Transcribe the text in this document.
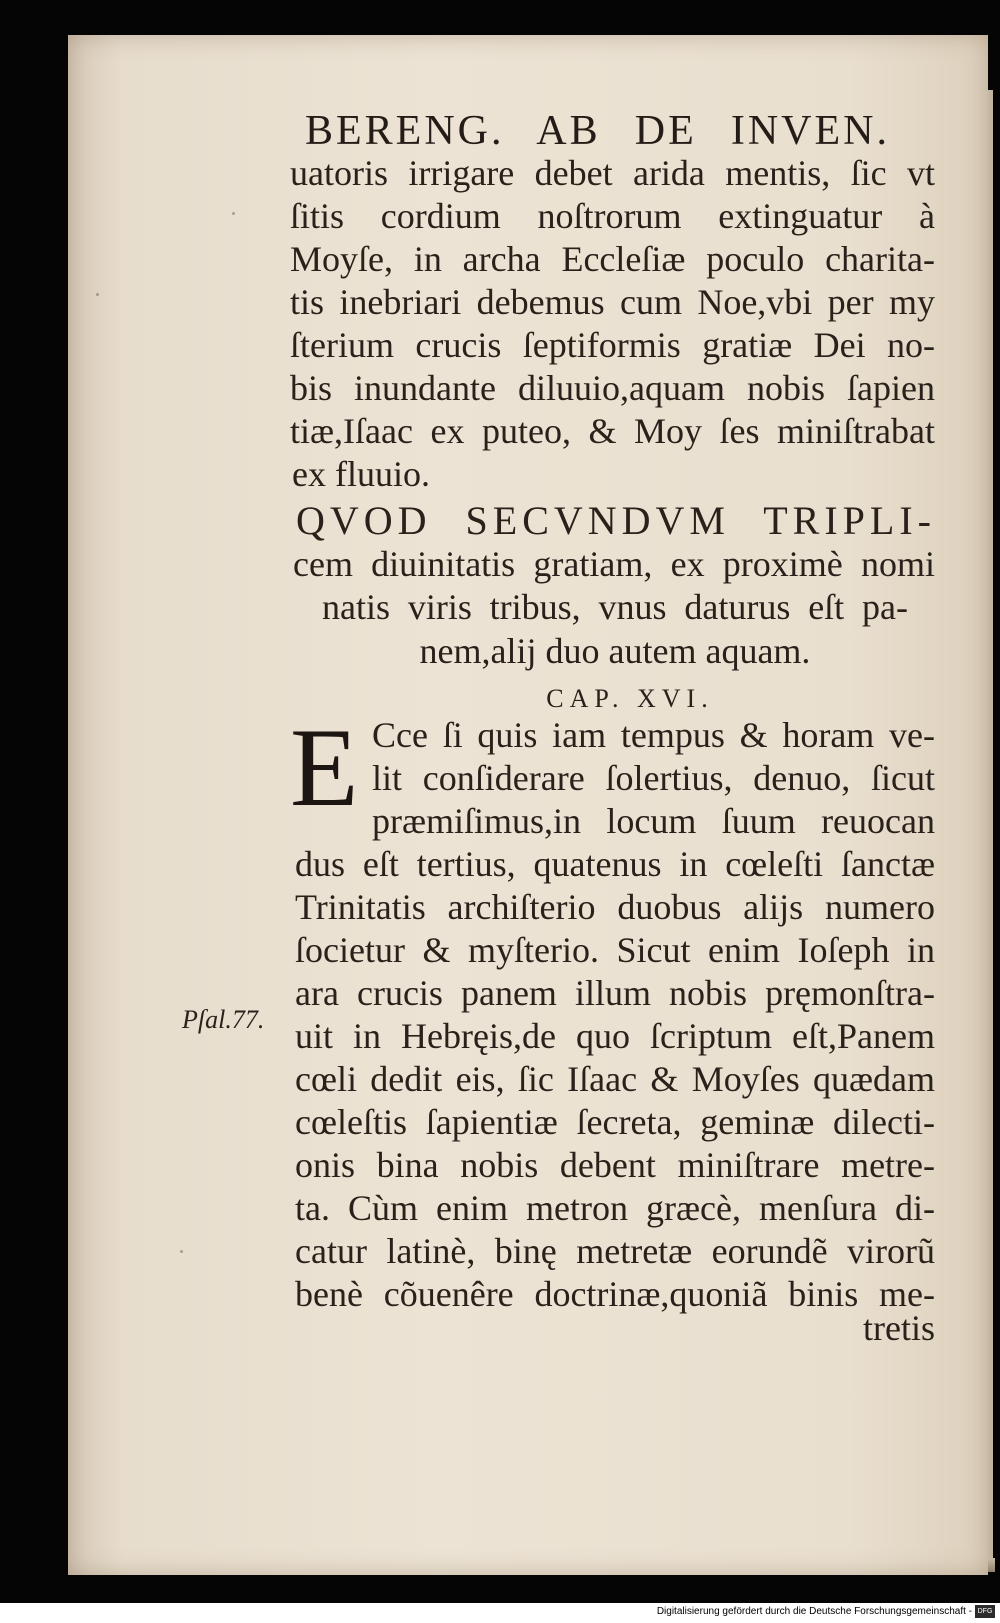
BERENG. AB DE INVEN.
uatoris irrigare debet arida mentis, ſic vt
ſitis cordium noſtrorum extinguatur à
Moyſe, in archa Eccleſiæ poculo charita-
tis inebriari debemus cum Noe,vbi per my
ſterium crucis ſeptiformis gratiæ Dei no-
bis inundante diluuio,aquam nobis ſapien
tiæ,Iſaac ex puteo, & Moy ſes miniſtrabat
ex fluuio.
QVOD SECVNDVM TRIPLI-
cem diuinitatis gratiam, ex proximè nomi
natis viris tribus, vnus daturus eſt pa-
nem,alij duo autem aquam.
CAP. XVI.
E Cce ſi quis iam tempus & horam ve-
lit conſiderare ſolertius, denuo, ſicut
præmiſimus,in locum ſuum reuocan
dus eſt tertius, quatenus in cœleſti ſanctæ
Trinitatis archiſterio duobus alijs numero
ſocietur & myſterio. Sicut enim Ioſeph in
ara crucis panem illum nobis pręmonſtra-
uit in Hebręis,de quo ſcriptum eſt,Panem
cœli dedit eis, ſic Iſaac & Moyſes quædam
cœleſtis ſapientiæ ſecreta, geminæ dilecti-
onis bina nobis debent miniſtrare metre-
ta. Cùm enim metron græcè, menſura di-
catur latinè, binę metretæ eorundẽ virorũ
benè cõuenêre doctrinæ,quoniã binis me-
tretis
Pſal.77.
Digitalisierung gefördert durch die Deutsche Forschungsgemeinschaft - DFG
